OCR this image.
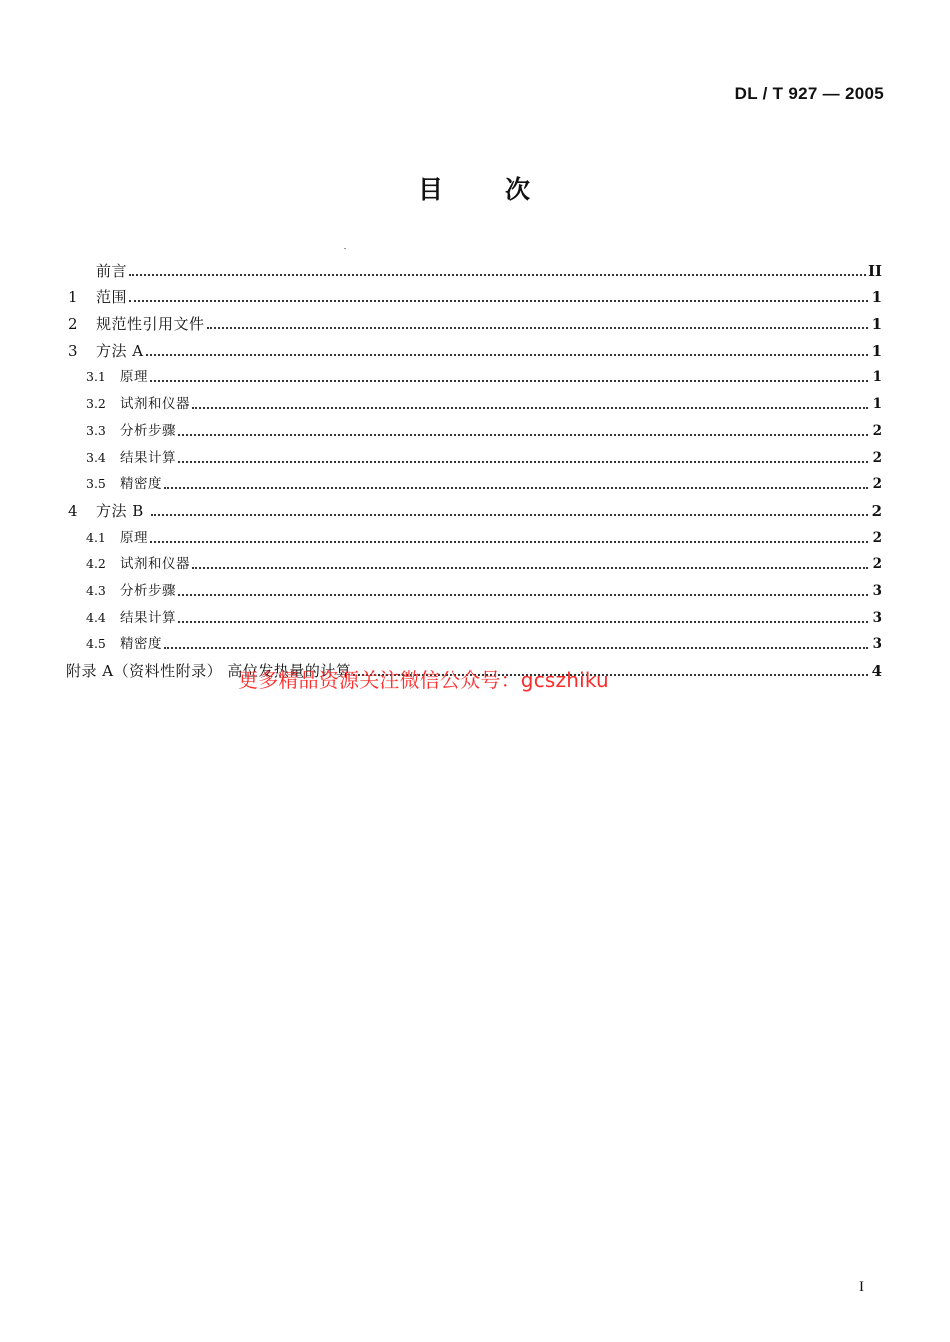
DL / T 927 — 2005
目 次
前言	II
1	范围	1
2	规范性引用文件	1
3	方法 A	1
3.1	原理	1
3.2	试剂和仪器	1
3.3	分析步骤	2
3.4	结果计算	2
3.5	精密度	2
4	方法 B	2
4.1	原理	2
4.2	试剂和仪器	2
4.3	分析步骤	3
4.4	结果计算	3
4.5	精密度	3
附录 A（资料性附录） 高位发热量的计算	4
更多精品资源关注微信公众号：gcszhiku
I
